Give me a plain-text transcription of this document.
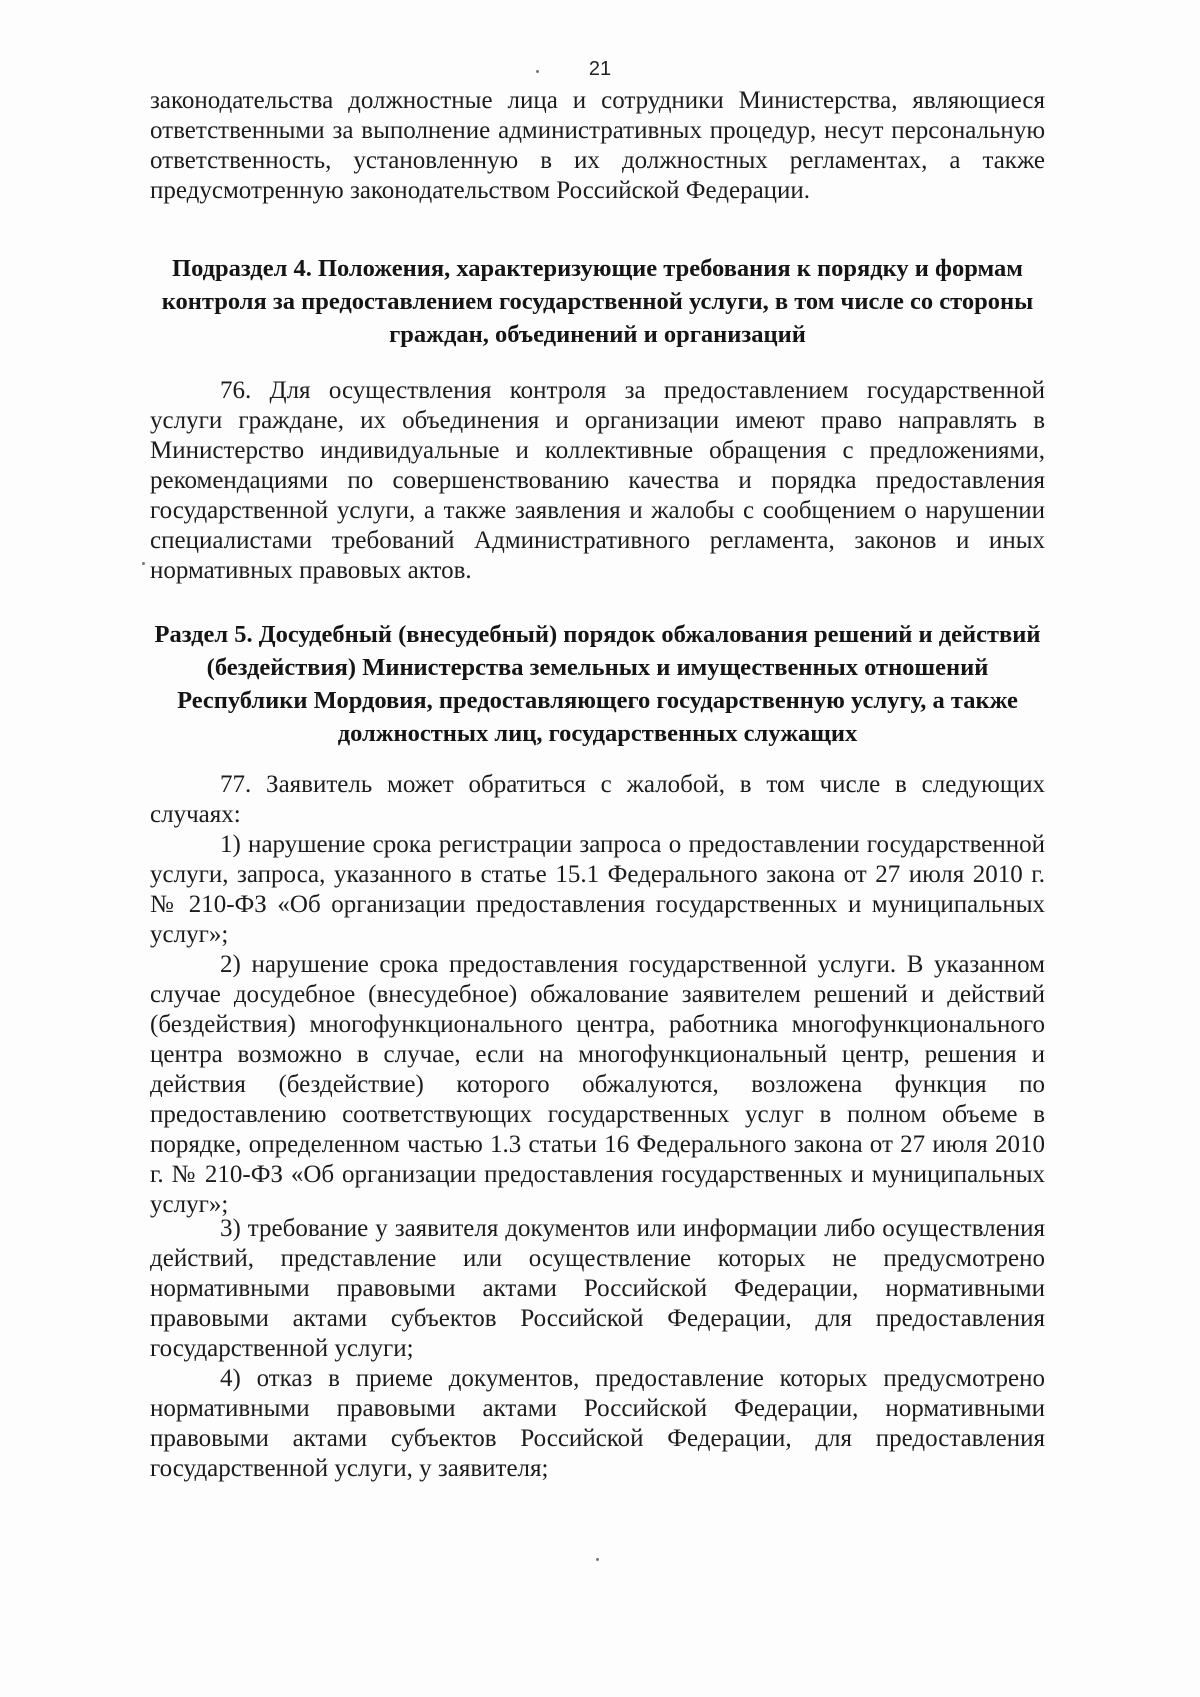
21
законодательства должностные лица и сотрудники Министерства, являющиеся ответственными за выполнение административных процедур, несут персональную ответственность, установленную в их должностных регламентах, а также предусмотренную законодательством Российской Федерации.
Подраздел 4. Положения, характеризующие требования к порядку и формам контроля за предоставлением государственной услуги, в том числе со стороны граждан, объединений и организаций
76. Для осуществления контроля за предоставлением государственной услуги граждане, их объединения и организации имеют право направлять в Министерство индивидуальные и коллективные обращения с предложениями, рекомендациями по совершенствованию качества и порядка предоставления государственной услуги, а также заявления и жалобы с сообщением о нарушении специалистами требований Административного регламента, законов и иных нормативных правовых актов.
Раздел 5. Досудебный (внесудебный) порядок обжалования решений и действий (бездействия) Министерства земельных и имущественных отношений Республики Мордовия, предоставляющего государственную услугу, а также должностных лиц, государственных служащих
77. Заявитель может обратиться с жалобой, в том числе в следующих случаях:
1) нарушение срока регистрации запроса о предоставлении государственной услуги, запроса, указанного в статье 15.1 Федерального закона от 27 июля 2010 г. № 210-ФЗ «Об организации предоставления государственных и муниципальных услуг»;
2) нарушение срока предоставления государственной услуги. В указанном случае досудебное (внесудебное) обжалование заявителем решений и действий (бездействия) многофункционального центра, работника многофункционального центра возможно в случае, если на многофункциональный центр, решения и действия (бездействие) которого обжалуются, возложена функция по предоставлению соответствующих государственных услуг в полном объеме в порядке, определенном частью 1.3 статьи 16 Федерального закона от 27 июля 2010 г. № 210-ФЗ «Об организации предоставления государственных и муниципальных услуг»;
3) требование у заявителя документов или информации либо осуществления действий, представление или осуществление которых не предусмотрено нормативными правовыми актами Российской Федерации, нормативными правовыми актами субъектов Российской Федерации, для предоставления государственной услуги;
4) отказ в приеме документов, предоставление которых предусмотрено нормативными правовыми актами Российской Федерации, нормативными правовыми актами субъектов Российской Федерации, для предоставления государственной услуги, у заявителя;
